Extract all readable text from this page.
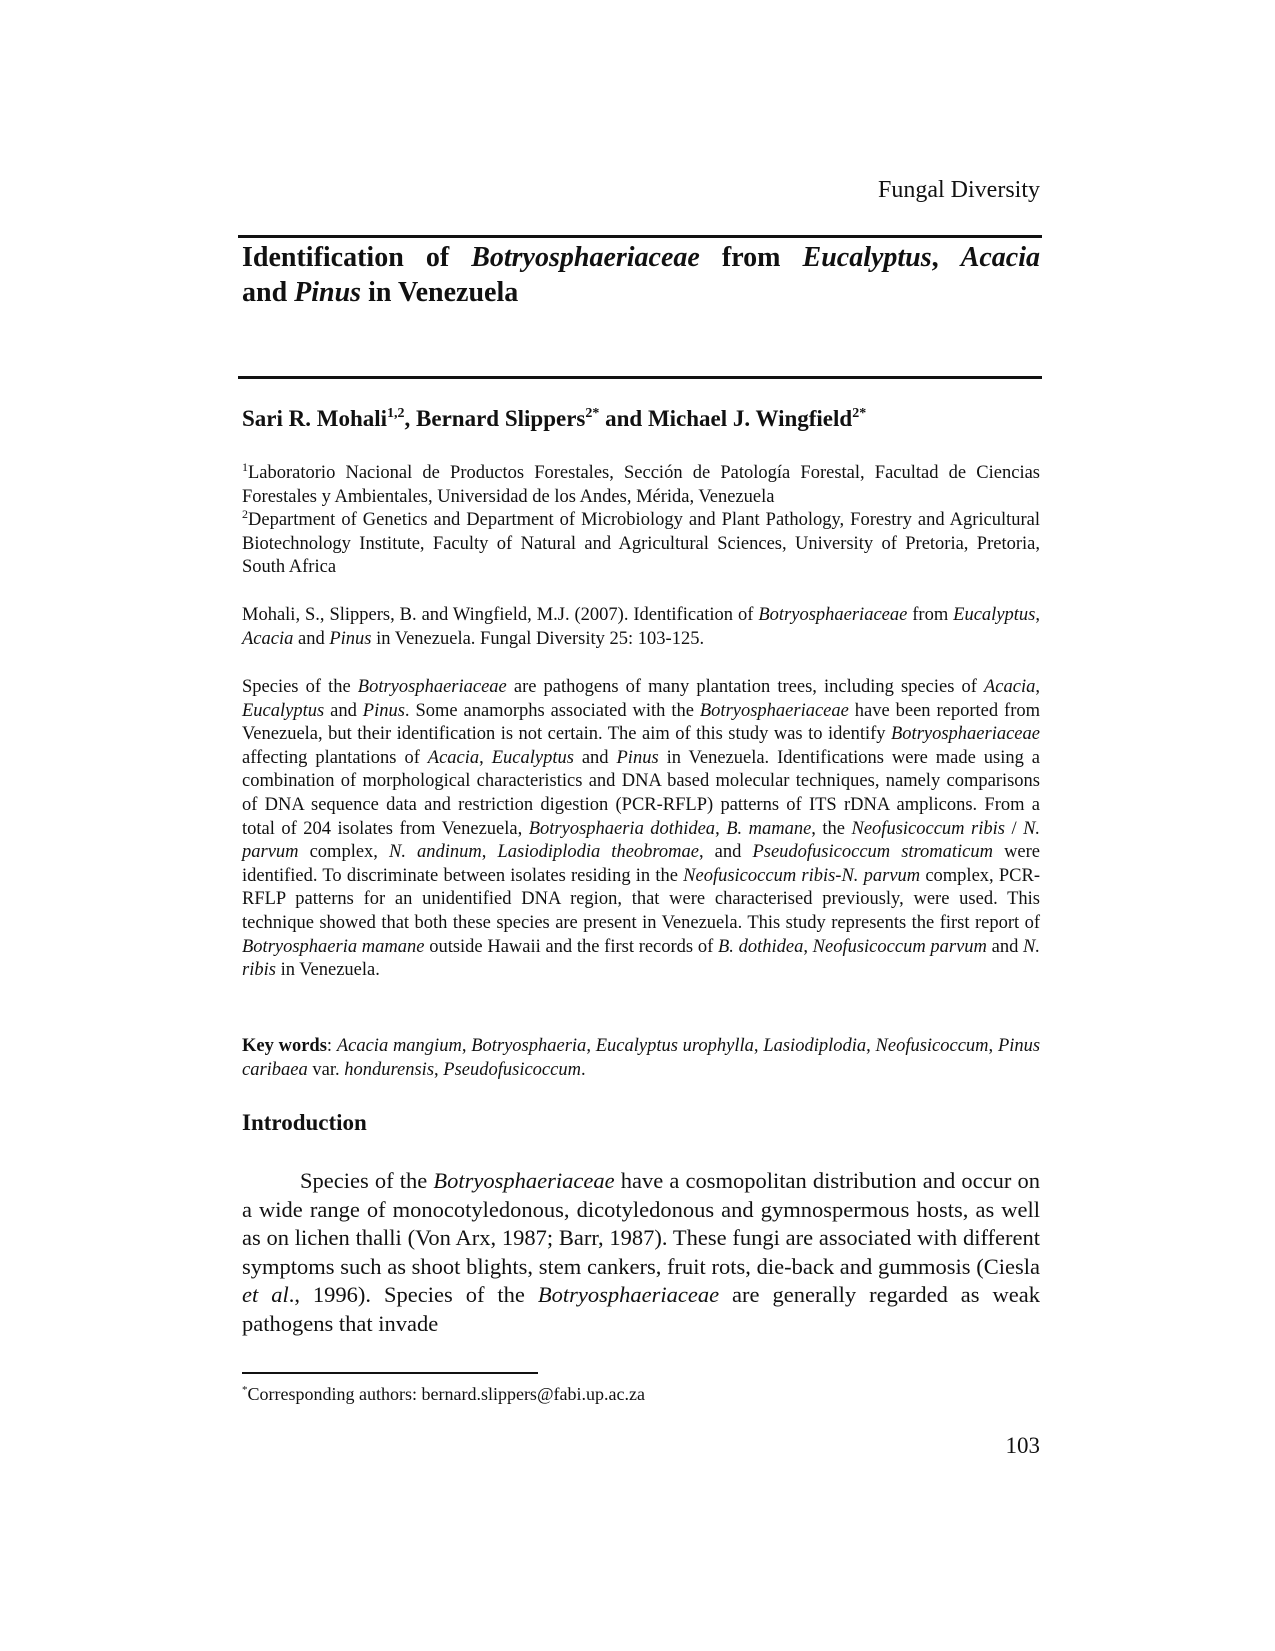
Fungal Diversity
Identification of Botryosphaeriaceae from Eucalyptus, Acacia
and Pinus in Venezuela

Sari R. Mohali$^{1,2}$, Bernard Slippers$^{2*}$ and Michael J. Wingfield$^{2*}$

$^1$Laboratorio Nacional de Productos Forestales, Sección de Patología Forestal, Facultad de Ciencias Forestales y Ambientales, Universidad de los Andes, Mérida, Venezuela
$^2$Department of Genetics and Department of Microbiology and Plant Pathology, Forestry and Agricultural Biotechnology Institute, Faculty of Natural and Agricultural Sciences, University of Pretoria, Pretoria, South Africa

Mohali, S., Slippers, B. and Wingfield, M.J. (2007). Identification of Botryosphaeriaceae from Eucalyptus, Acacia and Pinus in Venezuela. Fungal Diversity 25: 103-125.

Species of the Botryosphaeriaceae are pathogens of many plantation trees, including species of Acacia, Eucalyptus and Pinus. Some anamorphs associated with the Botryosphaeriaceae have been reported from Venezuela, but their identification is not certain. The aim of this study was to identify Botryosphaeriaceae affecting plantations of Acacia, Eucalyptus and Pinus in Venezuela. Identifications were made using a combination of morphological characteristics and DNA based molecular techniques, namely comparisons of DNA sequence data and restriction digestion (PCR-RFLP) patterns of ITS rDNA amplicons. From a total of 204 isolates from Venezuela, Botryosphaeria dothidea, B. mamane, the Neofusicoccum ribis / N. parvum complex, N. andinum, Lasiodiplodia theobromae, and Pseudofusicoccum stromaticum were identified. To discriminate between isolates residing in the Neofusicoccum ribis-N. parvum complex, PCR-RFLP patterns for an unidentified DNA region, that were characterised previously, were used. This technique showed that both these species are present in Venezuela. This study represents the first report of Botryosphaeria mamane outside Hawaii and the first records of B. dothidea, Neofusicoccum parvum and N. ribis in Venezuela.

Key words: Acacia mangium, Botryosphaeria, Eucalyptus urophylla, Lasiodiplodia, Neofusicoccum, Pinus caribaea var. hondurensis, Pseudofusicoccum.

Introduction

Species of the Botryosphaeriaceae have a cosmopolitan distribution and occur on a wide range of monocotyledonous, dicotyledonous and gymnospermous hosts, as well as on lichen thalli (Von Arx, 1987; Barr, 1987). These fungi are associated with different symptoms such as shoot blights, stem cankers, fruit rots, die-back and gummosis (Ciesla et al., 1996). Species of the Botryosphaeriaceae are generally regarded as weak pathogens that invade

*Corresponding authors: bernard.slippers@fabi.up.ac.za

103
